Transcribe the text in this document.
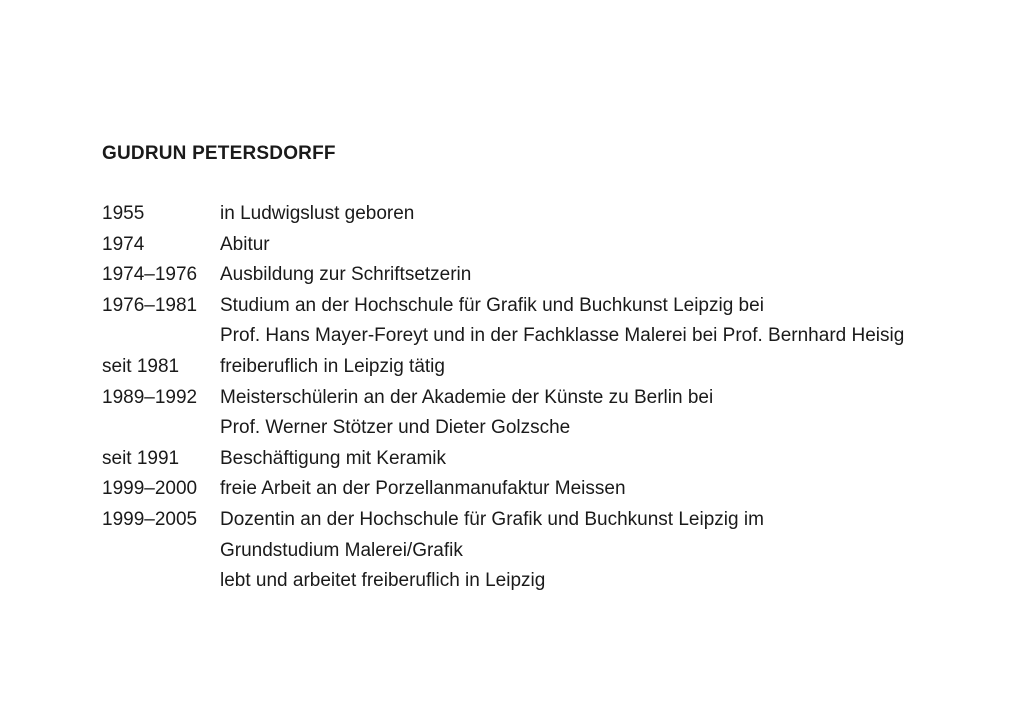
GUDRUN PETERSDORFF
1955	in Ludwigslust geboren
1974	Abitur
1974–1976	Ausbildung zur Schriftsetzerin
1976–1981	Studium an der Hochschule für Grafik und Buchkunst Leipzig bei
Prof. Hans Mayer-Foreyt und in der Fachklasse Malerei bei Prof. Bernhard Heisig
seit 1981	freiberuflich in Leipzig tätig
1989–1992	Meisterschülerin an der Akademie der Künste zu Berlin bei
Prof. Werner Stötzer und Dieter Golzsche
seit 1991	Beschäftigung mit Keramik
1999–2000	freie Arbeit an der Porzellanmanufaktur Meissen
1999–2005	Dozentin an der Hochschule für Grafik und Buchkunst Leipzig im
Grundstudium Malerei/Grafik
lebt und arbeitet freiberuflich in Leipzig
